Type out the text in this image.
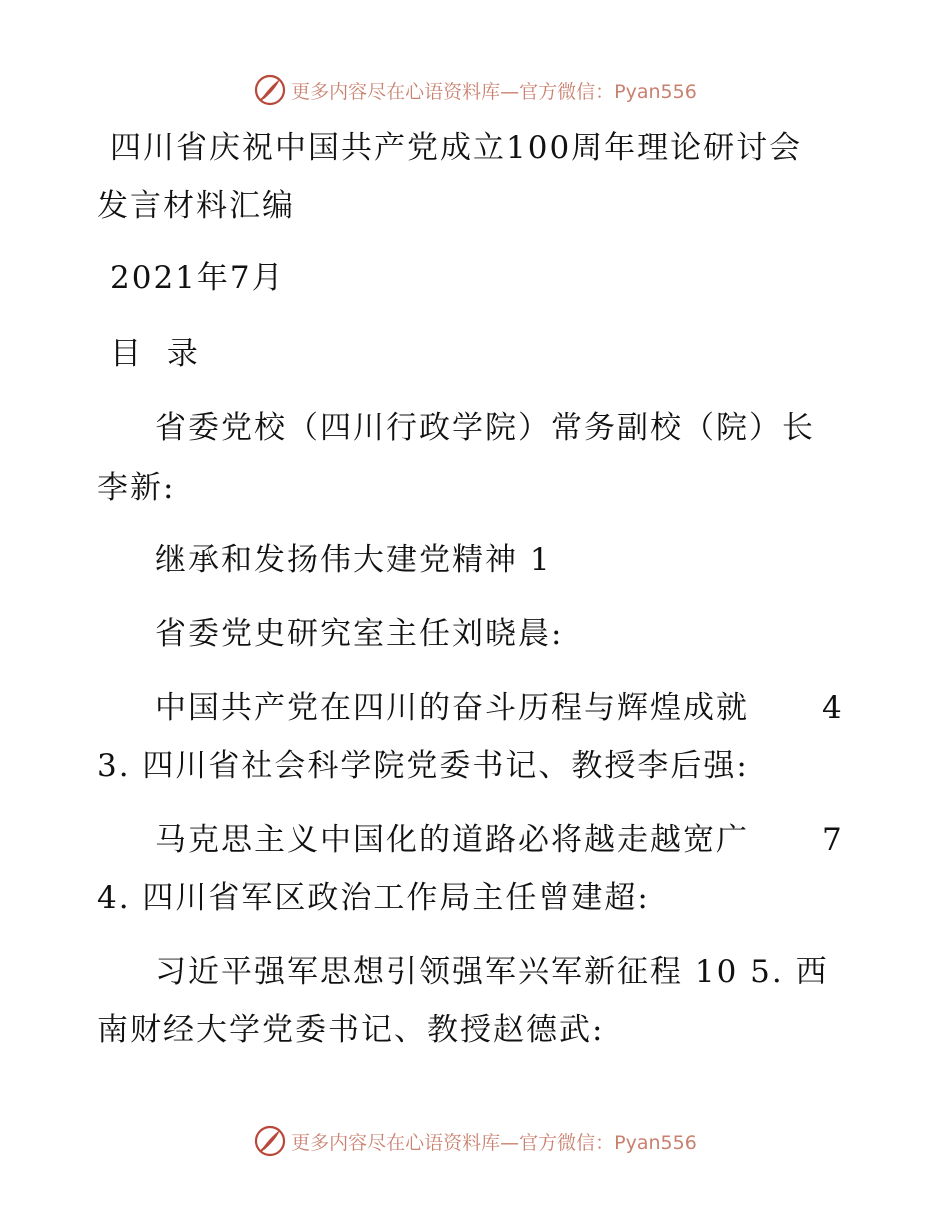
更多内容尽在心语资料库 —官方微信：Pyan556
四川省庆祝中国共产党成立100周年理论研讨会
发言材料汇编
2021年7月
目 录
省委党校（四川行政学院）常务副校（院）长
李新:
继承和发扬伟大建党精神 1
省委党史研究室主任刘晓晨:
中国共产党在四川的奋斗历程与辉煌成就 4
3. 四川省社会科学院党委书记、教授李后强:
马克思主义中国化的道路必将越走越宽广 7
4. 四川省军区政治工作局主任曾建超:
习近平强军思想引领强军兴军新征程 10 5. 西
南财经大学党委书记、教授赵德武:
更多内容尽在心语资料库 —官方微信：Pyan556
